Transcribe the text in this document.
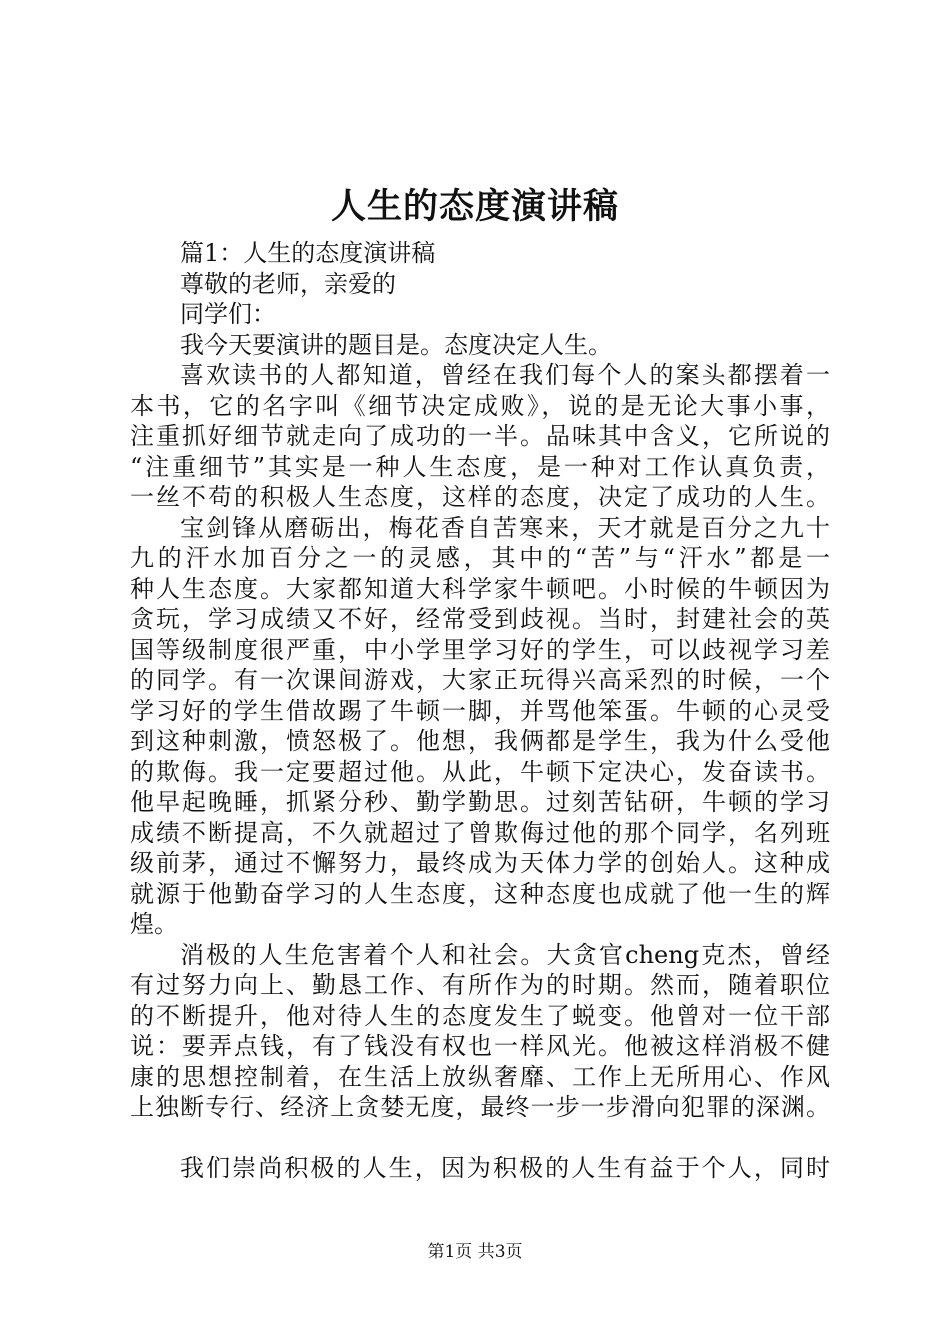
人生的态度演讲稿
篇1：人生的态度演讲稿
尊敬的老师，亲爱的
同学们：
我今天要演讲的题目是。态度决定人生。
喜欢读书的人都知道，曾经在我们每个人的案头都摆着一
本书，它的名字叫《细节决定成败》，说的是无论大事小事，
注重抓好细节就走向了成功的一半。品味其中含义，它所说的
“注重细节”其实是一种人生态度，是一种对工作认真负责，
一丝不苟的积极人生态度，这样的态度，决定了成功的人生。
宝剑锋从磨砺出，梅花香自苦寒来，天才就是百分之九十
九的汗水加百分之一的灵感，其中的“苦”与“汗水”都是一
种人生态度。大家都知道大科学家牛顿吧。小时候的牛顿因为
贪玩，学习成绩又不好，经常受到歧视。当时，封建社会的英
国等级制度很严重，中小学里学习好的学生，可以歧视学习差
的同学。有一次课间游戏，大家正玩得兴高采烈的时候，一个
学习好的学生借故踢了牛顿一脚，并骂他笨蛋。牛顿的心灵受
到这种刺激，愤怒极了。他想，我俩都是学生，我为什么受他
的欺侮。我一定要超过他。从此，牛顿下定决心，发奋读书。
他早起晚睡，抓紧分秒、勤学勤思。过刻苦钻研，牛顿的学习
成绩不断提高，不久就超过了曾欺侮过他的那个同学，名列班
级前茅，通过不懈努力，最终成为天体力学的创始人。这种成
就源于他勤奋学习的人生态度，这种态度也成就了他一生的辉
煌。
消极的人生危害着个人和社会。大贪官cheng克杰，曾经
有过努力向上、勤恳工作、有所作为的时期。然而，随着职位
的不断提升，他对待人生的态度发生了蜕变。他曾对一位干部
说：要弄点钱，有了钱没有权也一样风光。他被这样消极不健
康的思想控制着，在生活上放纵奢靡、工作上无所用心、作风
上独断专行、经济上贪婪无度，最终一步一步滑向犯罪的深渊。
我们崇尚积极的人生，因为积极的人生有益于个人，同时
第1页 共3页
